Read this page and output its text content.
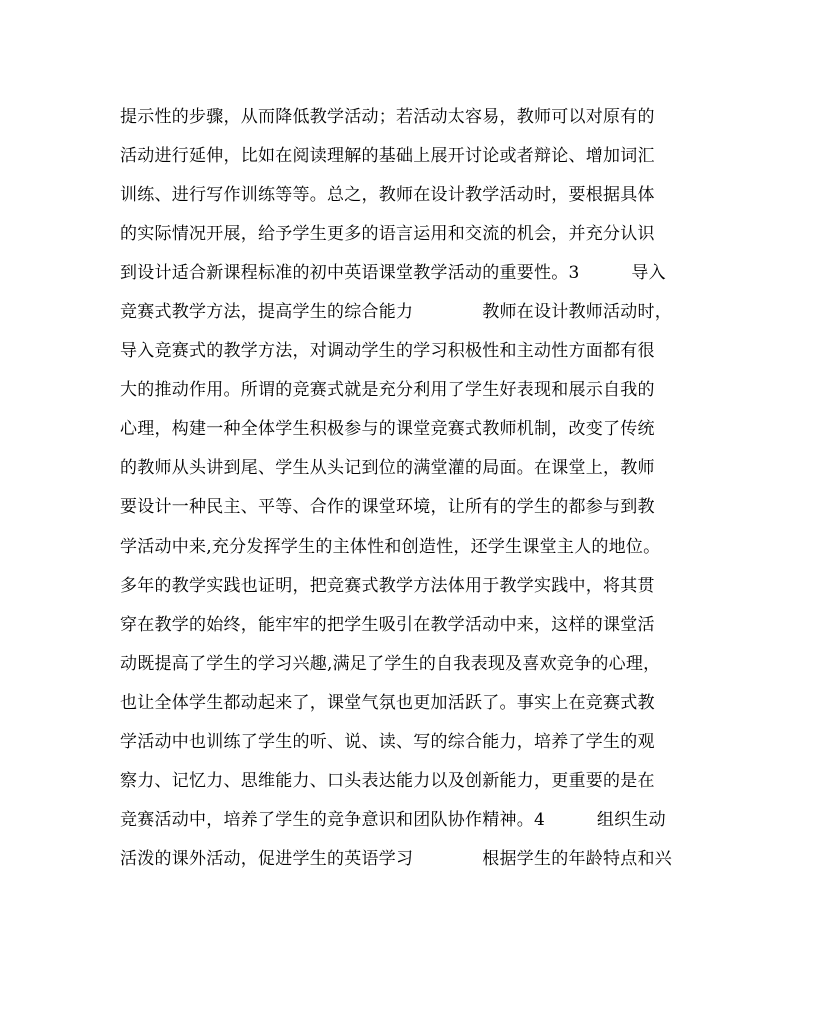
提示性的步骤，从而降低教学活动；若活动太容易，教师可以对原有的
活动进行延伸，比如在阅读理解的基础上展开讨论或者辩论、增加词汇
训练、进行写作训练等等。总之，教师在设计教学活动时，要根据具体
的实际情况开展，给予学生更多的语言运用和交流的机会，并充分认识
到设计适合新课程标准的初中英语课堂教学活动的重要性。3　　　导入
竞赛式教学方法，提高学生的综合能力　　　　教师在设计教师活动时，
导入竞赛式的教学方法，对调动学生的学习积极性和主动性方面都有很
大的推动作用。所谓的竞赛式就是充分利用了学生好表现和展示自我的
心理，构建一种全体学生积极参与的课堂竞赛式教师机制，改变了传统
的教师从头讲到尾、学生从头记到位的满堂灌的局面。在课堂上，教师
要设计一种民主、平等、合作的课堂环境，让所有的学生的都参与到教
学活动中来,充分发挥学生的主体性和创造性，还学生课堂主人的地位。
多年的教学实践也证明，把竞赛式教学方法体用于教学实践中，将其贯
穿在教学的始终，能牢牢的把学生吸引在教学活动中来，这样的课堂活
动既提高了学生的学习兴趣,满足了学生的自我表现及喜欢竞争的心理，
也让全体学生都动起来了，课堂气氛也更加活跃了。事实上在竞赛式教
学活动中也训练了学生的听、说、读、写的综合能力，培养了学生的观
察力、记忆力、思维能力、口头表达能力以及创新能力，更重要的是在
竞赛活动中，培养了学生的竞争意识和团队协作精神。4　　　组织生动
活泼的课外活动，促进学生的英语学习　　　　根据学生的年龄特点和兴
